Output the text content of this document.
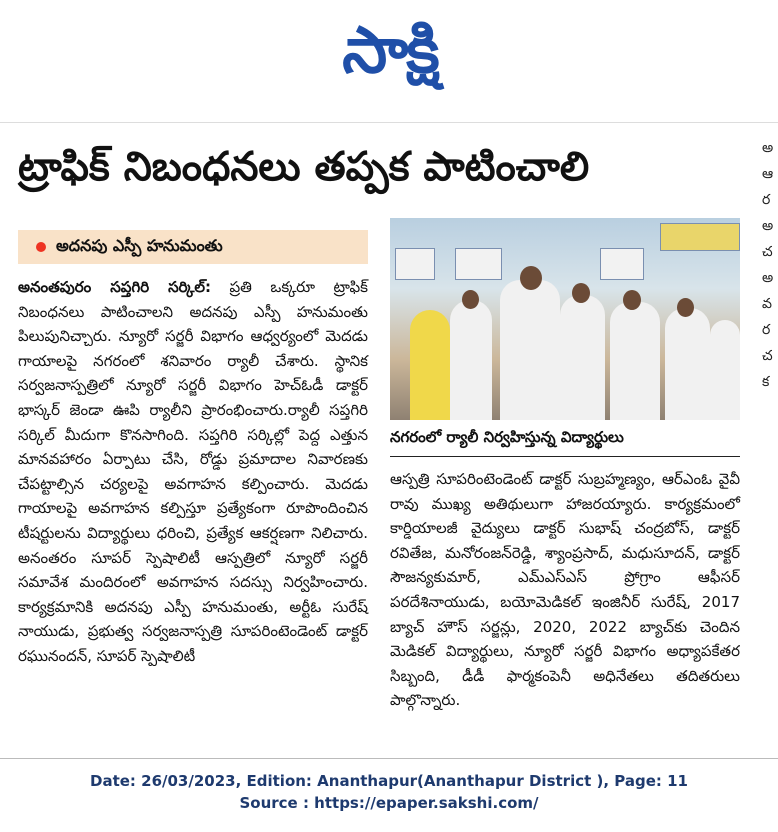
సాక్షి
ట్రాఫిక్ నిబంధనలు తప్పక పాటించాలి
అదనపు ఎస్పీ హనుమంతు
అనంతపురం సప్తగిరి సర్కిల్: ప్రతి ఒక్కరూ ట్రాఫిక్ నిబంధనలు పాటించాలని అదనపు ఎస్పీ హనుమంతు పిలుపునిచ్చారు. న్యూరో సర్జరీ విభాగం ఆధ్వర్యంలో మెదడు గాయాలపై నగరంలో శనివారం ర్యాలీ చేశారు. స్థానిక సర్వజనాస్పత్రిలో న్యూరో సర్జరీ విభాగం హెచ్ఓడీ డాక్టర్ భాస్కర్ జెండా ఊపి ర్యాలీని ప్రారంభించారు.ర్యాలీ సప్తగిరి సర్కిల్ మీదుగా కొనసాగింది. సప్తగిరి సర్కిల్లో పెద్ద ఎత్తున మానవహారం ఏర్పాటు చేసి, రోడ్డు ప్రమాదాల నివారణకు చేపట్టాల్సిన చర్యలపై అవగాహన కల్పించారు. మెదడు గాయాలపై అవగాహన కల్పిస్తూ ప్రత్యేకంగా రూపొందించిన టీషర్టులను విద్యార్థులు ధరించి, ప్రత్యేక ఆకర్షణగా నిలిచారు. అనంతరం సూపర్ స్పెషాలిటీ ఆస్పత్రిలో న్యూరో సర్జరీ సమావేశ మందిరంలో అవగాహన సదస్సు నిర్వహించారు. కార్యక్రమానికి అదనపు ఎస్పీ హనుమంతు, అర్టీఓ సురేష్ నాయుడు, ప్రభుత్వ సర్వజనాస్పత్రి సూపరింటెండెంట్ డాక్టర్ రఘునందన్, సూపర్ స్పెషాలిటీ
నగరంలో ర్యాలీ నిర్వహిస్తున్న విద్యార్థులు
ఆస్పత్రి సూపరింటెండెంట్ డాక్టర్ సుబ్రహ్మణ్యం, ఆర్ఎంఓ వైవీ రావు ముఖ్య అతిథులుగా హాజరయ్యారు. కార్యక్రమంలో కార్డియాలజీ వైద్యులు డాక్టర్ సుభాష్ చంద్రబోస్, డాక్టర్ రవితేజ, మనోరంజన్‌రెడ్డి, శ్యాంప్రసాద్, మధుసూదన్, డాక్టర్ సౌజన్యకుమార్, ఎమ్ఎస్ఎస్ ప్రోగ్రాం ఆఫీసర్ పరదేశినాయుడు, బయోమెడికల్ ఇంజినీర్ సురేష్, 2017 బ్యాచ్ హౌస్ సర్జన్లు, 2020, 2022 బ్యాచ్‌కు చెందిన మెడికల్ విద్యార్థులు, న్యూరో సర్జరీ విభాగం అధ్యాపకేతర సిబ్బంది, డీడీ ఫార్మకంపెనీ అధినేతలు తదితరులు పాల్గొన్నారు.
అ
ఆ
ర
అ
చ
అ
వ
ర
చ
క
Date: 26/03/2023, Edition: Ananthapur(Ananthapur District ), Page: 11
Source : https://epaper.sakshi.com/
